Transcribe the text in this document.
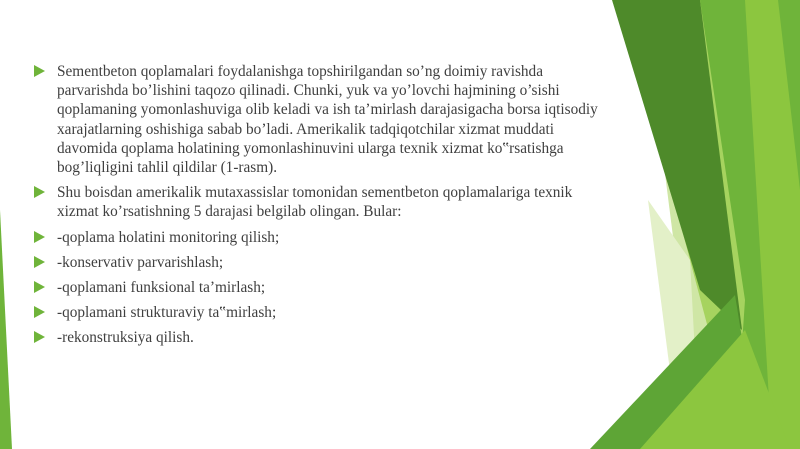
Sementbeton qoplamalari foydalanishga topshirilgandan so’ng doimiy ravishda parvarishda bo’lishini taqozo qilinadi. Chunki, yuk va yo’lovchi hajmining o’sishi qoplamaning yomonlashuviga olib keladi va ish ta’mirlash darajasigacha borsa iqtisodiy xarajatlarning oshishiga sabab bo’ladi. Amerikalik tadqiqotchilar xizmat muddati davomida qoplama holatining yomonlashinuvini ularga texnik xizmat ko‟rsatishga bog’liqligini tahlil qildilar (1-rasm).
Shu boisdan amerikalik mutaxassislar tomonidan sementbeton qoplamalariga texnik xizmat ko’rsatishning 5 darajasi belgilab olingan. Bular:
-qoplama holatini monitoring qilish;
-konservativ parvarishlash;
-qoplamani funksional ta’mirlash;
-qoplamani strukturaviy ta‟mirlash;
-rekonstruksiya qilish.
